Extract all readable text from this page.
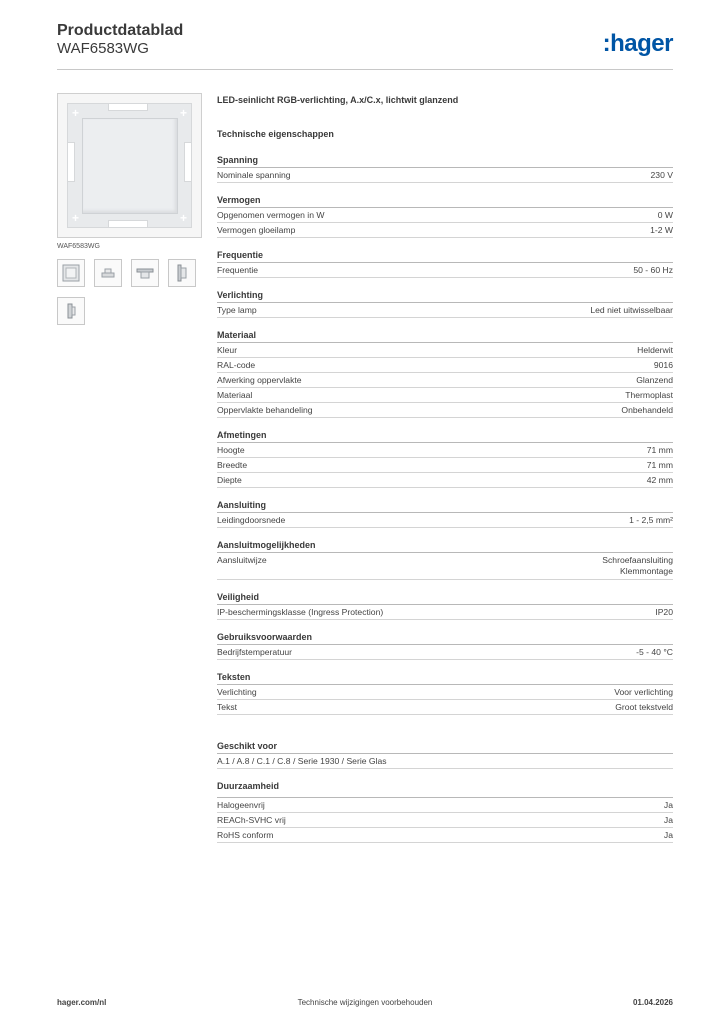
Productdatablad
WAF6583WG	:hager
+	+
+	+
WAF6583WG
LED-seinlicht RGB-verlichting, A.x/C.x, lichtwit glanzend
Technische eigenschappen
Spanning
Nominale spanning	230 V
Vermogen
Opgenomen vermogen in W	0 W
Vermogen gloeilamp	1-2 W
Frequentie
Frequentie	50 - 60 Hz
Verlichting
Type lamp	Led niet uitwisselbaar
Materiaal
Kleur	Helderwit
RAL-code	9016
Afwerking oppervlakte	Glanzend
Materiaal	Thermoplast
Oppervlakte behandeling	Onbehandeld
Afmetingen
Hoogte	71 mm
Breedte	71 mm
Diepte	42 mm
Aansluiting
Leidingdoorsnede	1 - 2,5 mm²
Aansluitmogelijkheden
Aansluitwijze	Schroefaansluiting
Klemmontage
Veiligheid
IP-beschermingsklasse (Ingress Protection)	IP20
Gebruiksvoorwaarden
Bedrijfstemperatuur	-5 - 40 °C
Teksten
Verlichting	Voor verlichting
Tekst	Groot tekstveld
Geschikt voor
A.1 / A.8 / C.1 / C.8 / Serie 1930 / Serie Glas
Duurzaamheid
Halogeenvrij	Ja
REACh-SVHC vrij	Ja
RoHS conform	Ja
hager.com/nl	Technische wijzigingen voorbehouden	01.04.2026
